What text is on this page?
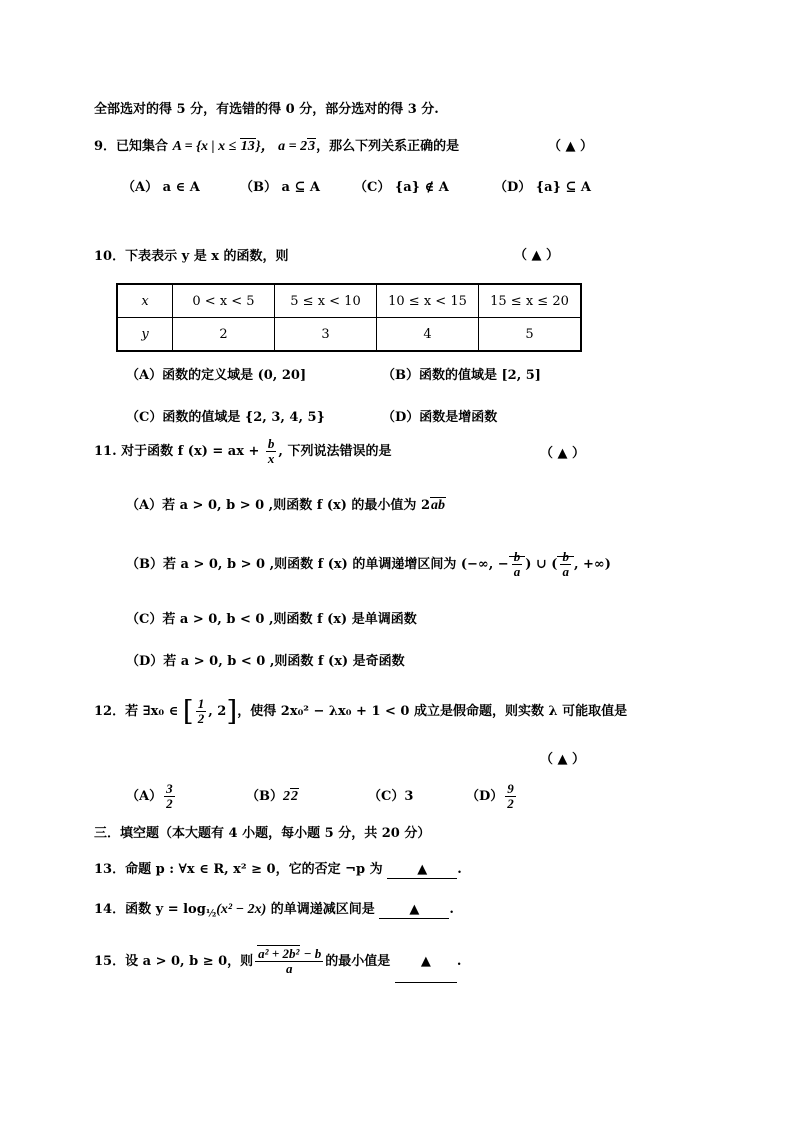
全部选对的得 5 分，有选错的得 0 分，部分选对的得 3 分.
9．已知集合 A = {x | x ≤ 13}， a = 23，那么下列关系正确的是	（ ▲ ）
（A） a ∈ A	（B） a ⊆ A	（C） {a} ∉ A	（D） {a} ⊆ A
10．下表表示 y 是 x 的函数，则	（ ▲ ）
x	0 < x < 5	5 ≤ x < 10	10 ≤ x < 15	15 ≤ x ≤ 20
y	2	3	4	5
（A）函数的定义域是 (0, 20]	（B）函数的值域是 [2, 5]
（C）函数的值域是 {2, 3, 4, 5}	（D）函数是增函数
11. 对于函数 f (x) = ax + $\frac{b}{x}$ , 下列说法错误的是	（ ▲ ）
（A）若 a > 0, b > 0 ,则函数 f (x) 的最小值为 2ab
（B）若 a > 0, b > 0 ,则函数 f (x) 的单调递增区间为 (−∞, − $\frac{b}{a}$ ) ∪ ( $\frac{b}{a}$ , +∞)
（C）若 a > 0, b < 0 ,则函数 f (x) 是单调函数
（D）若 a > 0, b < 0 ,则函数 f (x) 是奇函数
12．若 ∃x₀ ∈ [ $\frac{1}{2}$ , 2]，使得 2x₀² − λx₀ + 1 < 0 成立是假命题，则实数 λ 可能取值是
（ ▲ ）
$(A) \frac{3}{2}$	（B）22	（C）3	$(D) \frac{9}{2}$
三．填空题（本大题有 4 小题，每小题 5 分，共 20 分）
13．命题 p : ∀x ∈ R, x² ≥ 0，它的否定 ¬p 为	▲ .
14．函数 $y = \log_{\frac{1}{2}}(x^2 - 2x)$ 的单调递减区间是	▲ .
15．设 a > 0, b ≥ 0，则 $\frac{\text{a² + 2b² − b}}{a}$ 的最小值是 ▲ .
